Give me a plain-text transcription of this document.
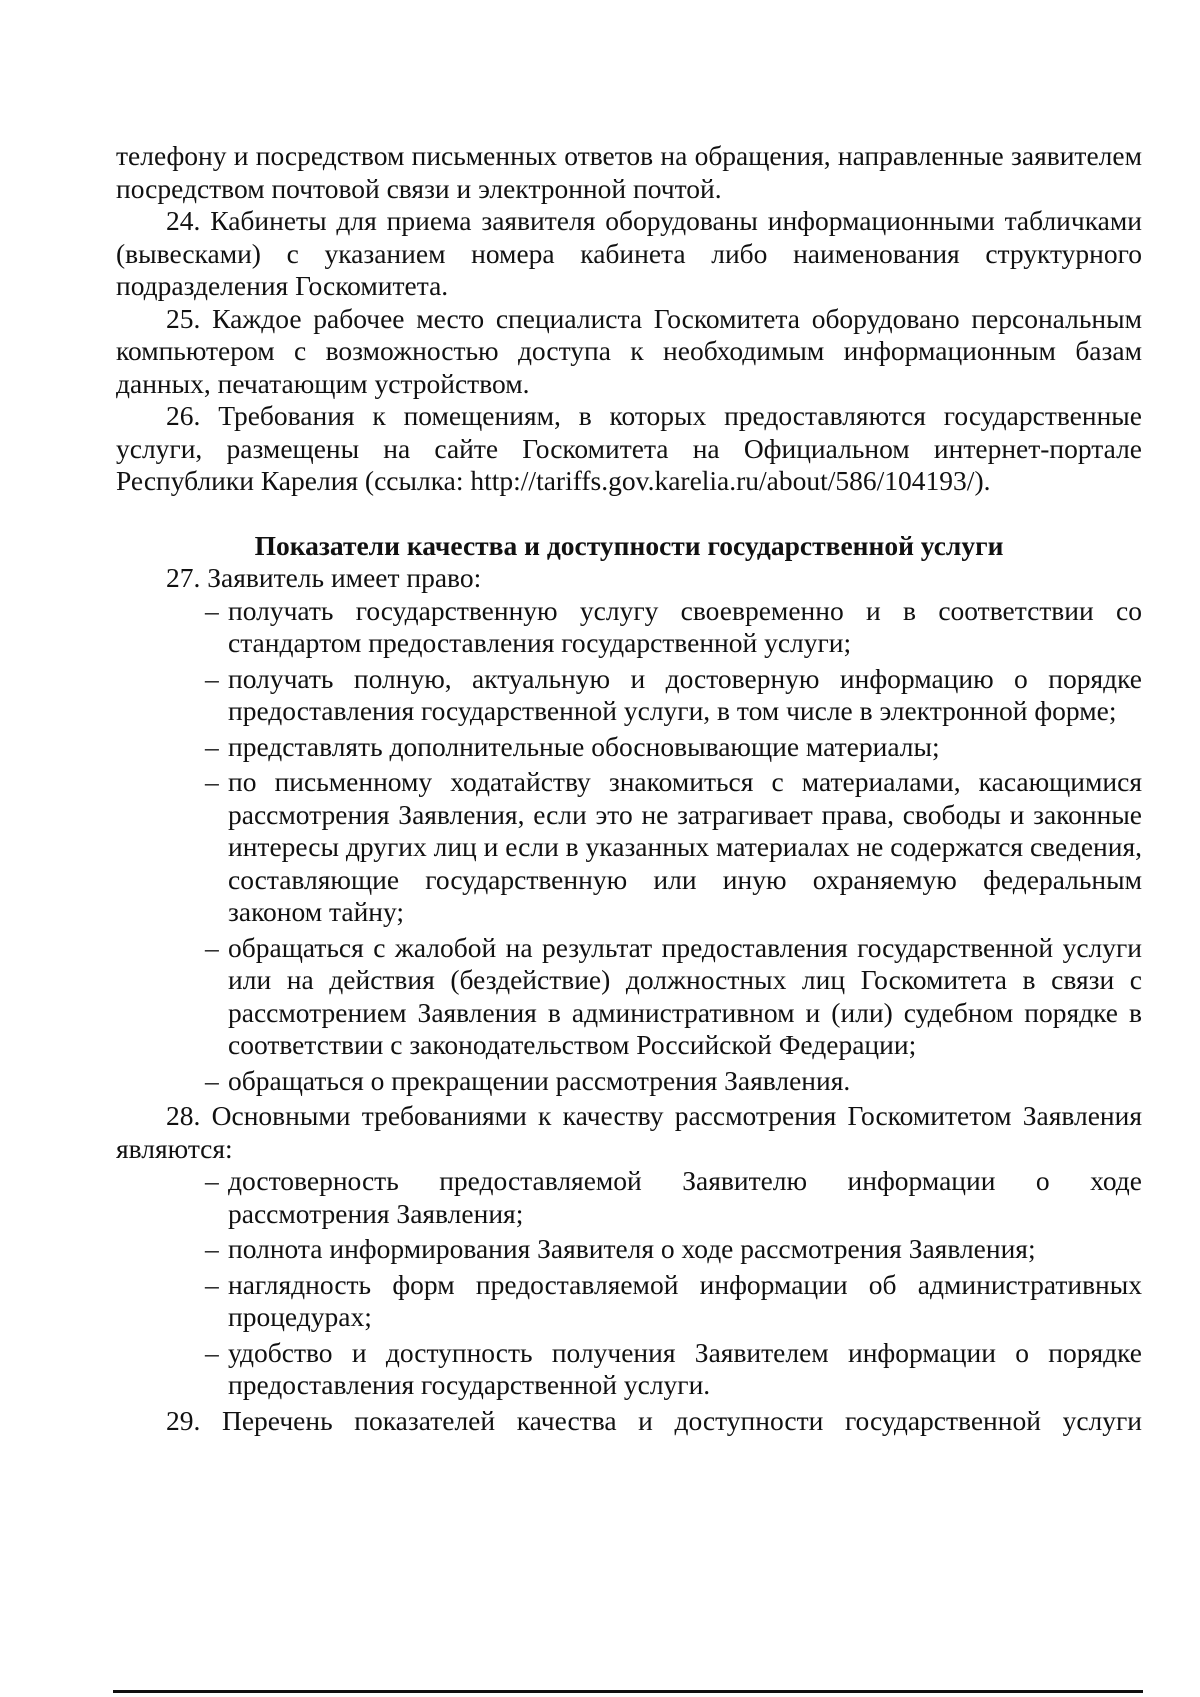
телефону и посредством письменных ответов на обращения, направленные заявителем посредством почтовой связи и электронной почтой.

24. Кабинеты для приема заявителя оборудованы информационными табличками (вывесками) с указанием номера кабинета либо наименования структурного подразделения Госкомитета.

25. Каждое рабочее место специалиста Госкомитета оборудовано персональным компьютером с возможностью доступа к необходимым информационным базам данных, печатающим устройством.

26. Требования к помещениям, в которых предоставляются государственные услуги, размещены на сайте Госкомитета на Официальном интернет-портале Республики Карелия (ссылка: http://tariffs.gov.karelia.ru/about/586/104193/).

Показатели качества и доступности государственной услуги

27. Заявитель имеет право:

– получать государственную услугу своевременно и в соответствии со стандартом предоставления государственной услуги;
– получать полную, актуальную и достоверную информацию о порядке предоставления государственной услуги, в том числе в электронной форме;
– представлять дополнительные обосновывающие материалы;
– по письменному ходатайству знакомиться с материалами, касающимися рассмотрения Заявления, если это не затрагивает права, свободы и законные интересы других лиц и если в указанных материалах не содержатся сведения, составляющие государственную или иную охраняемую федеральным законом тайну;
– обращаться с жалобой на результат предоставления государственной услуги или на действия (бездействие) должностных лиц Госкомитета в связи с рассмотрением Заявления в административном и (или) судебном порядке в соответствии с законодательством Российской Федерации;
– обращаться о прекращении рассмотрения Заявления.

28. Основными требованиями к качеству рассмотрения Госкомитетом Заявления являются:

– достоверность предоставляемой Заявителю информации о ходе рассмотрения Заявления;
– полнота информирования Заявителя о ходе рассмотрения Заявления;
– наглядность форм предоставляемой информации об административных процедурах;
– удобство и доступность получения Заявителем информации о порядке предоставления государственной услуги.

29. Перечень показателей качества и доступности государственной услуги
